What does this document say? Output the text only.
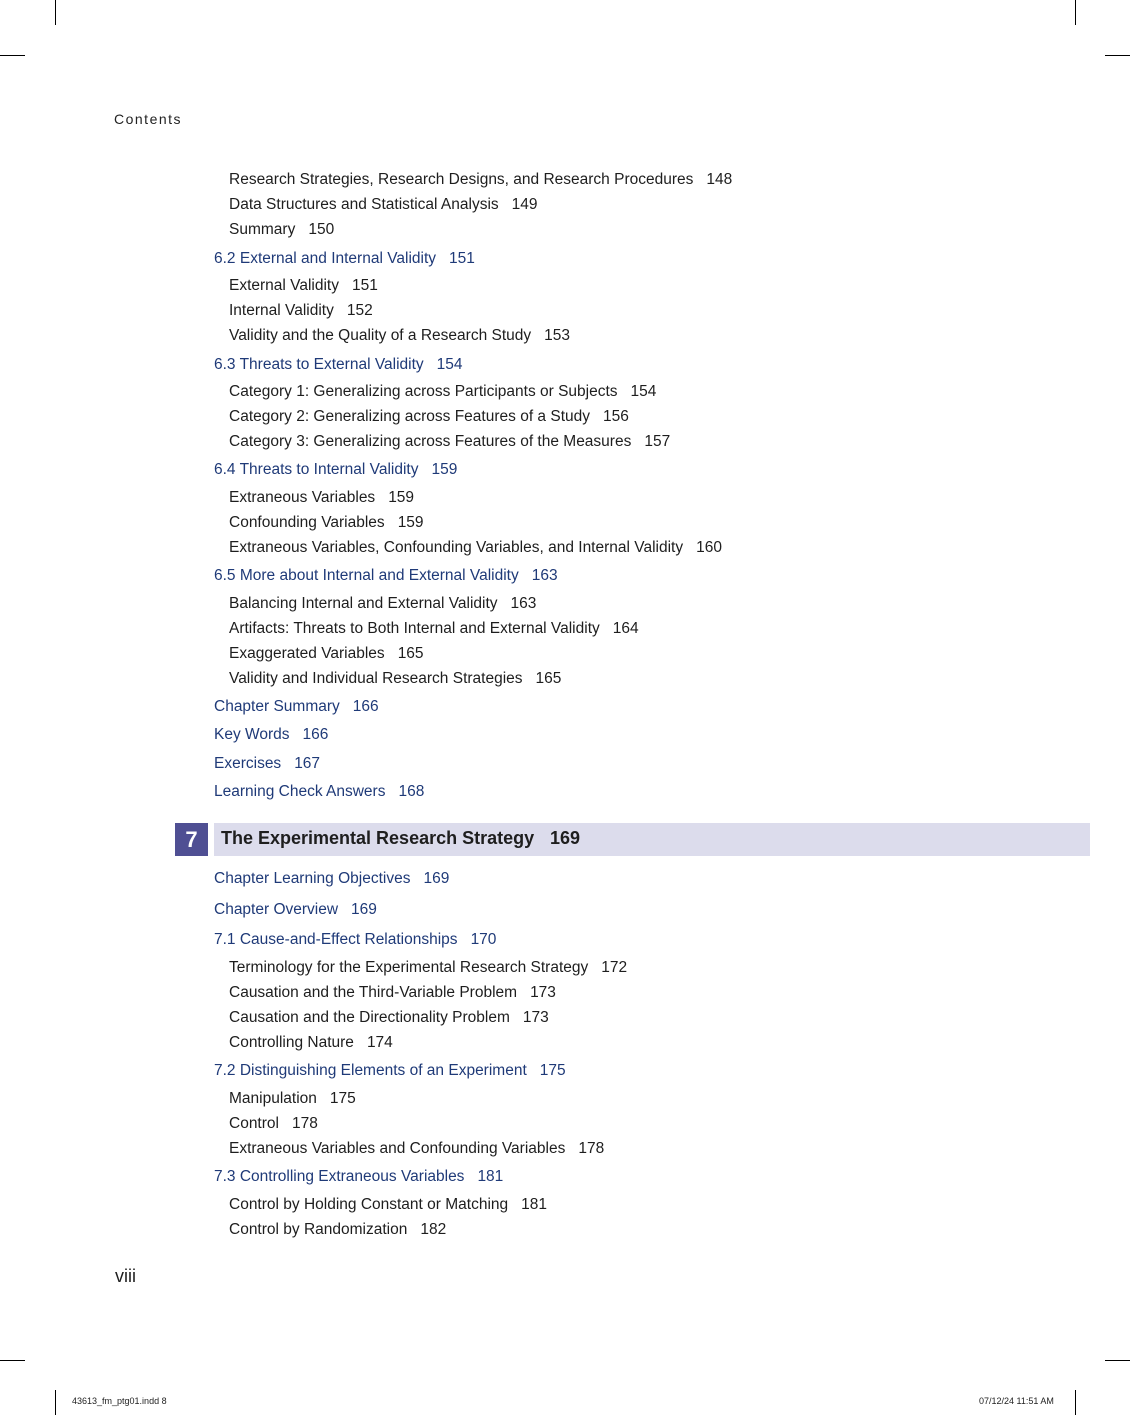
Contents
Research Strategies, Research Designs, and Research Procedures 148
Data Structures and Statistical Analysis 149
Summary 150
6.2 External and Internal Validity 151
External Validity 151
Internal Validity 152
Validity and the Quality of a Research Study 153
6.3 Threats to External Validity 154
Category 1: Generalizing across Participants or Subjects 154
Category 2: Generalizing across Features of a Study 156
Category 3: Generalizing across Features of the Measures 157
6.4 Threats to Internal Validity 159
Extraneous Variables 159
Confounding Variables 159
Extraneous Variables, Confounding Variables, and Internal Validity 160
6.5 More about Internal and External Validity 163
Balancing Internal and External Validity 163
Artifacts: Threats to Both Internal and External Validity 164
Exaggerated Variables 165
Validity and Individual Research Strategies 165
Chapter Summary 166
Key Words 166
Exercises 167
Learning Check Answers 168
7	The Experimental Research Strategy 169
Chapter Learning Objectives 169
Chapter Overview 169
7.1 Cause-and-Effect Relationships 170
Terminology for the Experimental Research Strategy 172
Causation and the Third-Variable Problem 173
Causation and the Directionality Problem 173
Controlling Nature 174
7.2 Distinguishing Elements of an Experiment 175
Manipulation 175
Control 178
Extraneous Variables and Confounding Variables 178
7.3 Controlling Extraneous Variables 181
Control by Holding Constant or Matching 181
Control by Randomization 182
viii
43613_fm_ptg01.indd 8	07/12/24 11:51 AM
